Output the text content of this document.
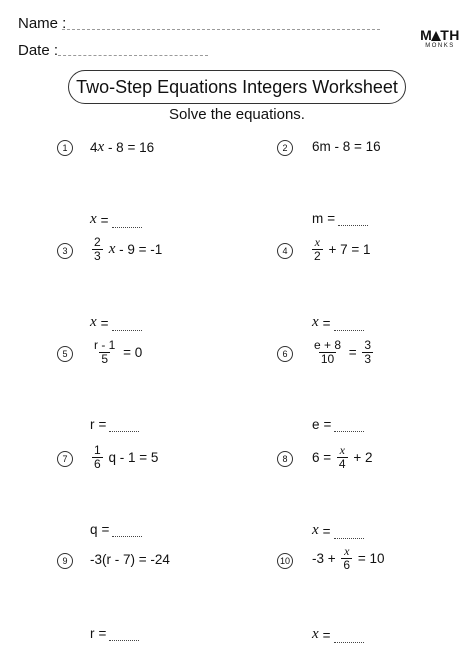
Name :
Date :
M TH
MONKS
Two-Step Equations Integers Worksheet
Solve the equations.
1	4 x - 8 = 16
x =
2	6m - 8 = 16
m =
3	$\frac{2}{3}$ x - 9 = -1
x =
4	$\frac{x}{2} + 7 = 1$
x =
5	$\frac{r - 1}{5} = 0$
r =
6	$\frac{e + 8}{10} = \frac{3}{3}$
e =
7	$\frac{1}{6}$ q - 1 = 5
q =
8	$6 = \frac{x}{4} + 2$
x =
9	-3(r - 7) = -24
r =
10 $-3 + \frac{x}{6} = 10$
x =
